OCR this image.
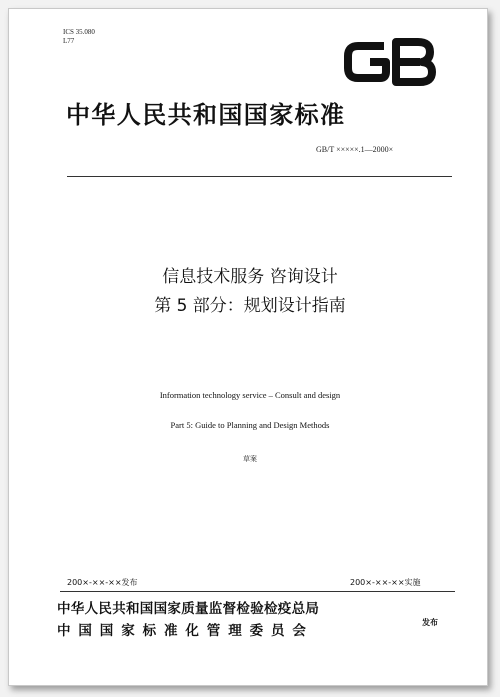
ICS 35.080
L77
中华人民共和国国家标准
GB/T ×××××.1—2000×
信息技术服务 咨询设计
第 5 部分：规划设计指南
Information technology service – Consult and design
Part 5: Guide to Planning and Design Methods
草案
200×-××-××发布	200×-××-××实施
中华人民共和国国家质量监督检验检疫总局
中国国家标准化管理委员会
发布
